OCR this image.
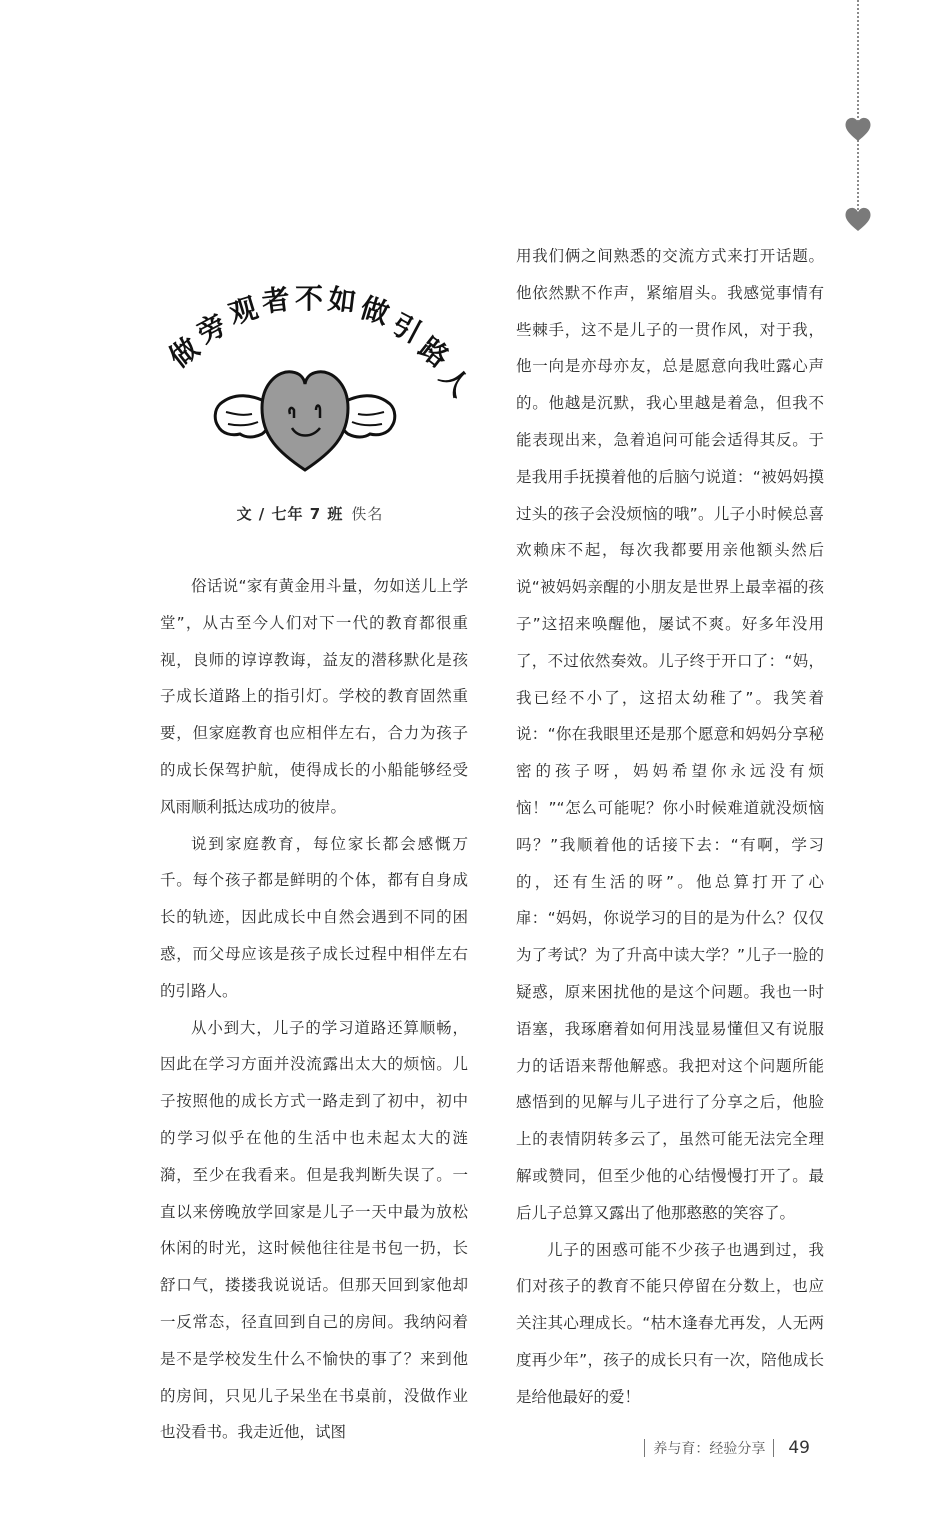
做
旁
观
者 不 如
做
引
路
人
文 / 七年 7 班 佚名

俗话说“家有黄金用斗量，勿如送儿上学堂”，从古至今人们对下一代的教育都很重视，良师的谆谆教诲，益友的潜移默化是孩子成长道路上的指引灯。学校的教育固然重要，但家庭教育也应相伴左右，合力为孩子的成长保驾护航，使得成长的小船能够经受风雨顺利抵达成功的彼岸。

说到家庭教育，每位家长都会感慨万千。每个孩子都是鲜明的个体，都有自身成长的轨迹，因此成长中自然会遇到不同的困惑，而父母应该是孩子成长过程中相伴左右的引路人。

从小到大，儿子的学习道路还算顺畅，因此在学习方面并没流露出太大的烦恼。儿子按照他的成长方式一路走到了初中，初中的学习似乎在他的生活中也未起太大的涟漪，至少在我看来。但是我判断失误了。一直以来傍晚放学回家是儿子一天中最为放松休闲的时光，这时候他往往是书包一扔，长舒口气，搂搂我说说话。但那天回到家他却一反常态，径直回到自己的房间。我纳闷着是不是学校发生什么不愉快的事了？来到他的房间，只见儿子呆坐在书桌前，没做作业也没看书。我走近他，试图

用我们俩之间熟悉的交流方式来打开话题。他依然默不作声，紧缩眉头。我感觉事情有些棘手，这不是儿子的一贯作风，对于我，他一向是亦母亦友，总是愿意向我吐露心声的。他越是沉默，我心里越是着急，但我不能表现出来，急着追问可能会适得其反。于是我用手抚摸着他的后脑勺说道：“被妈妈摸过头的孩子会没烦恼的哦”。儿子小时候总喜欢赖床不起，每次我都要用亲他额头然后说“被妈妈亲醒的小朋友是世界上最幸福的孩子”这招来唤醒他，屡试不爽。好多年没用了，不过依然奏效。儿子终于开口了：“妈，我已经不小了，这招太幼稚了”。我笑着说：“你在我眼里还是那个愿意和妈妈分享秘密的孩子呀，妈妈希望你永远没有烦恼！”“怎么可能呢？你小时候难道就没烦恼吗？”我顺着他的话接下去：“有啊，学习的，还有生活的呀”。他总算打开了心扉：“妈妈，你说学习的目的是为什么？仅仅为了考试？为了升高中读大学？”儿子一脸的疑惑，原来困扰他的是这个问题。我也一时语塞，我琢磨着如何用浅显易懂但又有说服力的话语来帮他解惑。我把对这个问题所能感悟到的见解与儿子进行了分享之后，他脸上的表情阴转多云了，虽然可能无法完全理解或赞同，但至少他的心结慢慢打开了。最后儿子总算又露出了他那憨憨的笑容了。

儿子的困惑可能不少孩子也遇到过，我们对孩子的教育不能只停留在分数上，也应关注其心理成长。“枯木逢春尤再发，人无两度再少年”，孩子的成长只有一次，陪他成长是给他最好的爱！

养与育：经验分享 49
